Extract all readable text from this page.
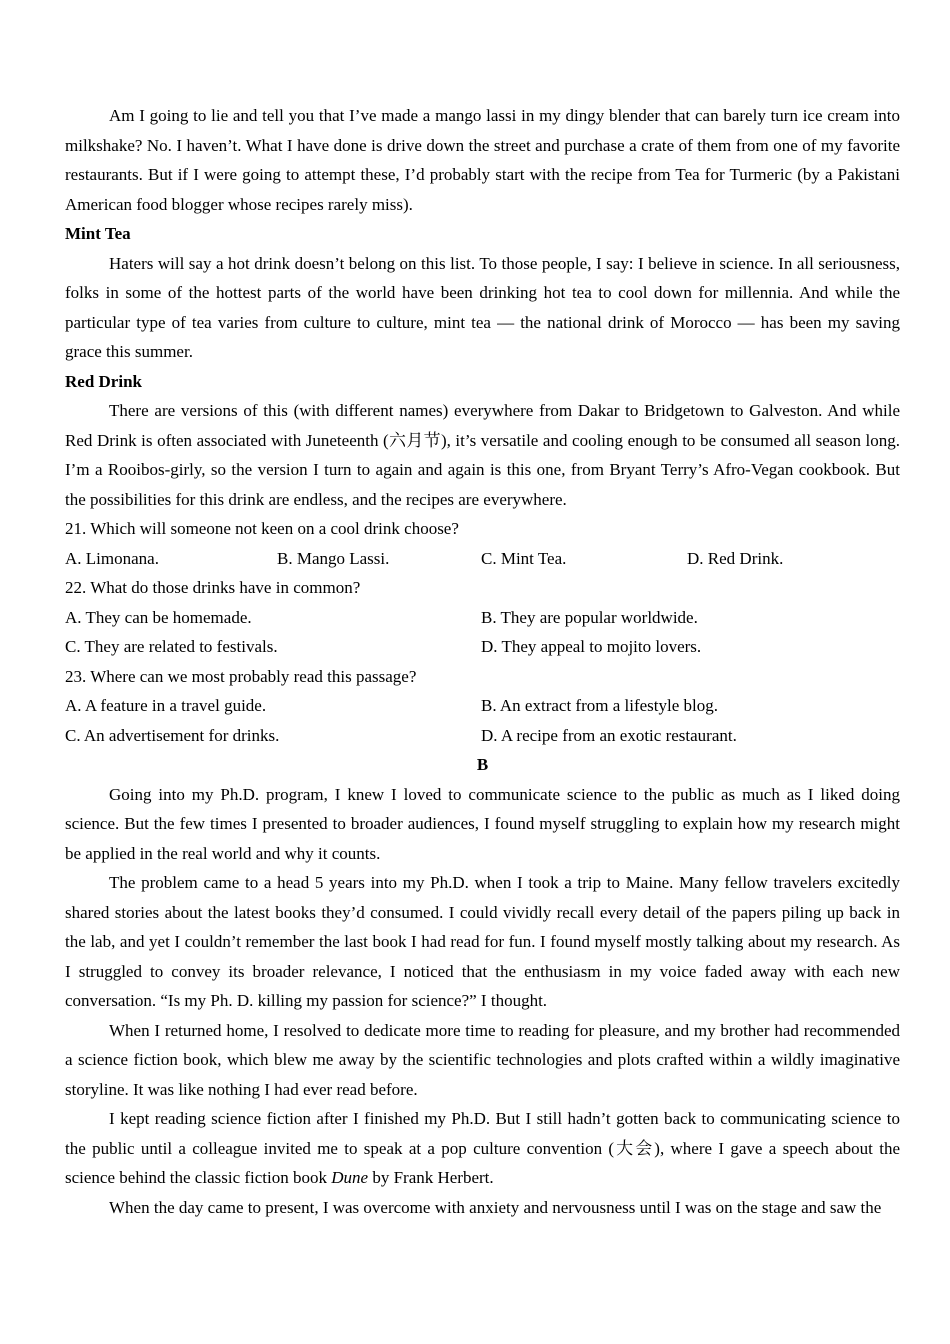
Am I going to lie and tell you that I’ve made a mango lassi in my dingy blender that can barely turn ice cream into milkshake? No. I haven’t. What I have done is drive down the street and purchase a crate of them from one of my favorite restaurants. But if I were going to attempt these, I’d probably start with the recipe from Tea for Turmeric (by a Pakistani American food blogger whose recipes rarely miss).

Mint Tea

Haters will say a hot drink doesn’t belong on this list. To those people, I say: I believe in science. In all seriousness, folks in some of the hottest parts of the world have been drinking hot tea to cool down for millennia. And while the particular type of tea varies from culture to culture, mint tea — the national drink of Morocco — has been my saving grace this summer.

Red Drink

There are versions of this (with different names) everywhere from Dakar to Bridgetown to Galveston. And while Red Drink is often associated with Juneteenth (六月节), it’s versatile and cooling enough to be consumed all season long. I’m a Rooibos-girly, so the version I turn to again and again is this one, from Bryant Terry’s Afro-Vegan cookbook. But the possibilities for this drink are endless, and the recipes are everywhere.

21. Which will someone not keen on a cool drink choose?

A. Limonana.	B. Mango Lassi.	C. Mint Tea.	D. Red Drink.

22. What do those drinks have in common?

A. They can be homemade.	B. They are popular worldwide.
C. They are related to festivals.	D. They appeal to mojito lovers.

23. Where can we most probably read this passage?

A. A feature in a travel guide.	B. An extract from a lifestyle blog.
C. An advertisement for drinks.	D. A recipe from an exotic restaurant.

B

Going into my Ph.D. program, I knew I loved to communicate science to the public as much as I liked doing science. But the few times I presented to broader audiences, I found myself struggling to explain how my research might be applied in the real world and why it counts.

The problem came to a head 5 years into my Ph.D. when I took a trip to Maine. Many fellow travelers excitedly shared stories about the latest books they’d consumed. I could vividly recall every detail of the papers piling up back in the lab, and yet I couldn’t remember the last book I had read for fun. I found myself mostly talking about my research. As I struggled to convey its broader relevance, I noticed that the enthusiasm in my voice faded away with each new conversation. “Is my Ph. D. killing my passion for science?” I thought.

When I returned home, I resolved to dedicate more time to reading for pleasure, and my brother had recommended a science fiction book, which blew me away by the scientific technologies and plots crafted within a wildly imaginative storyline. It was like nothing I had ever read before.

I kept reading science fiction after I finished my Ph.D. But I still hadn’t gotten back to communicating science to the public until a colleague invited me to speak at a pop culture convention (大会), where I gave a speech about the science behind the classic fiction book Dune by Frank Herbert.

When the day came to present, I was overcome with anxiety and nervousness until I was on the stage and saw the
